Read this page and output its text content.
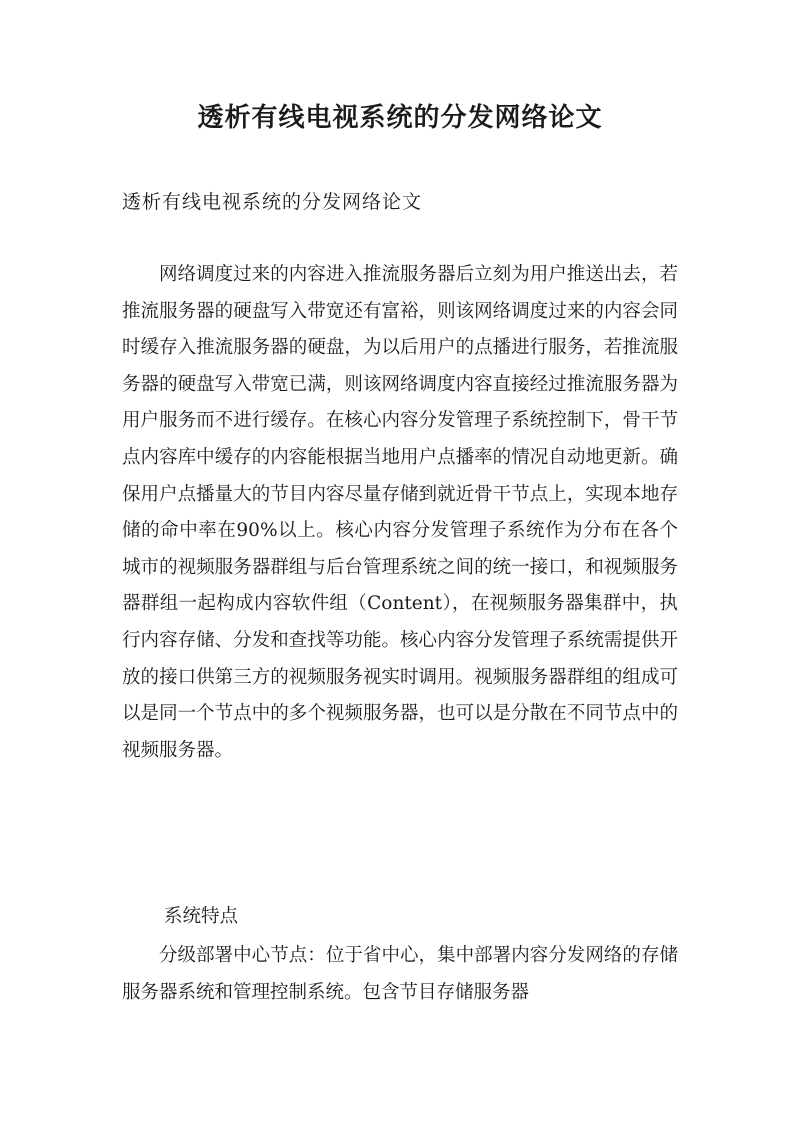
透析有线电视系统的分发网络论文

透析有线电视系统的分发网络论文

网络调度过来的内容进入推流服务器后立刻为用户推送出去，若推流服务器的硬盘写入带宽还有富裕，则该网络调度过来的内容会同时缓存入推流服务器的硬盘，为以后用户的点播进行服务，若推流服务器的硬盘写入带宽已满，则该网络调度内容直接经过推流服务器为用户服务而不进行缓存。在核心内容分发管理子系统控制下，骨干节点内容库中缓存的内容能根据当地用户点播率的情况自动地更新。确保用户点播量大的节目内容尽量存储到就近骨干节点上，实现本地存储的命中率在90%以上。核心内容分发管理子系统作为分布在各个城市的视频服务器群组与后台管理系统之间的统一接口，和视频服务器群组一起构成内容软件组（Content），在视频服务器集群中，执行内容存储、分发和查找等功能。核心内容分发管理子系统需提供开放的接口供第三方的视频服务视实时调用。视频服务器群组的组成可以是同一个节点中的多个视频服务器，也可以是分散在不同节点中的视频服务器。

系统特点

分级部署中心节点：位于省中心，集中部署内容分发网络的存储服务器系统和管理控制系统。包含节目存储服务器
